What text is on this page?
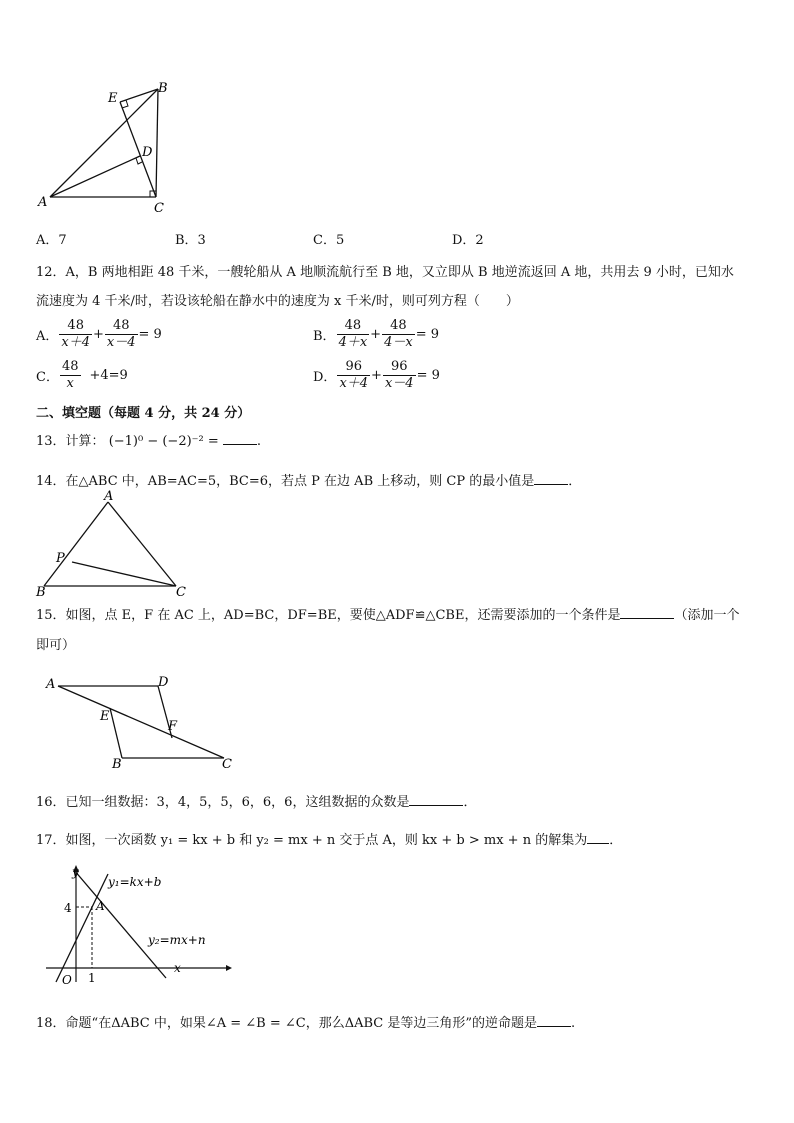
A
B
C
D
E
A．7	B．3	C．5	D．2
12．A，B 两地相距 48 千米，一艘轮船从 A 地顺流航行至 B 地，又立即从 B 地逆流返回 A 地，共用去 9 小时，已知水
流速度为 4 千米/时，若设该轮船在静水中的速度为 x 千米/时，则可列方程（　　）
A． $\frac{48}{x+4} + \frac{48}{x-4} = 9$	B． $\frac{48}{4+x} + \frac{48}{4-x} = 9$
C． $\frac{48}{x} +4=9$	D． $\frac{96}{x+4} + \frac{96}{x-4} = 9$
二、填空题（每题 4 分，共 24 分）
13．计算： (−1)⁰ − (−2)⁻² =	.
14．在△ABC 中，AB=AC=5，BC=6，若点 P 在边 AB 上移动，则 CP 的最小值是	．
A
B	C
P
15．如图，点 E，F 在 AC 上，AD=BC，DF=BE，要使△ADF≌△CBE，还需要添加的一个条件是	（添加一个
即可）
A	D
E
F
B	C
16．已知一组数据：3，4，5，5，6，6，6，这组数据的众数是	．
17．如图，一次函数 y₁ = kx + b 和 y₂ = mx + n 交于点 A，则 kx + b > mx + n 的解集为 ．
y
x
O
4
1
A
y₁=kx+b
y₂=mx+n
18．命题“在ΔABC 中，如果∠A = ∠B = ∠C，那么ΔABC 是等边三角形”的逆命题是	.
